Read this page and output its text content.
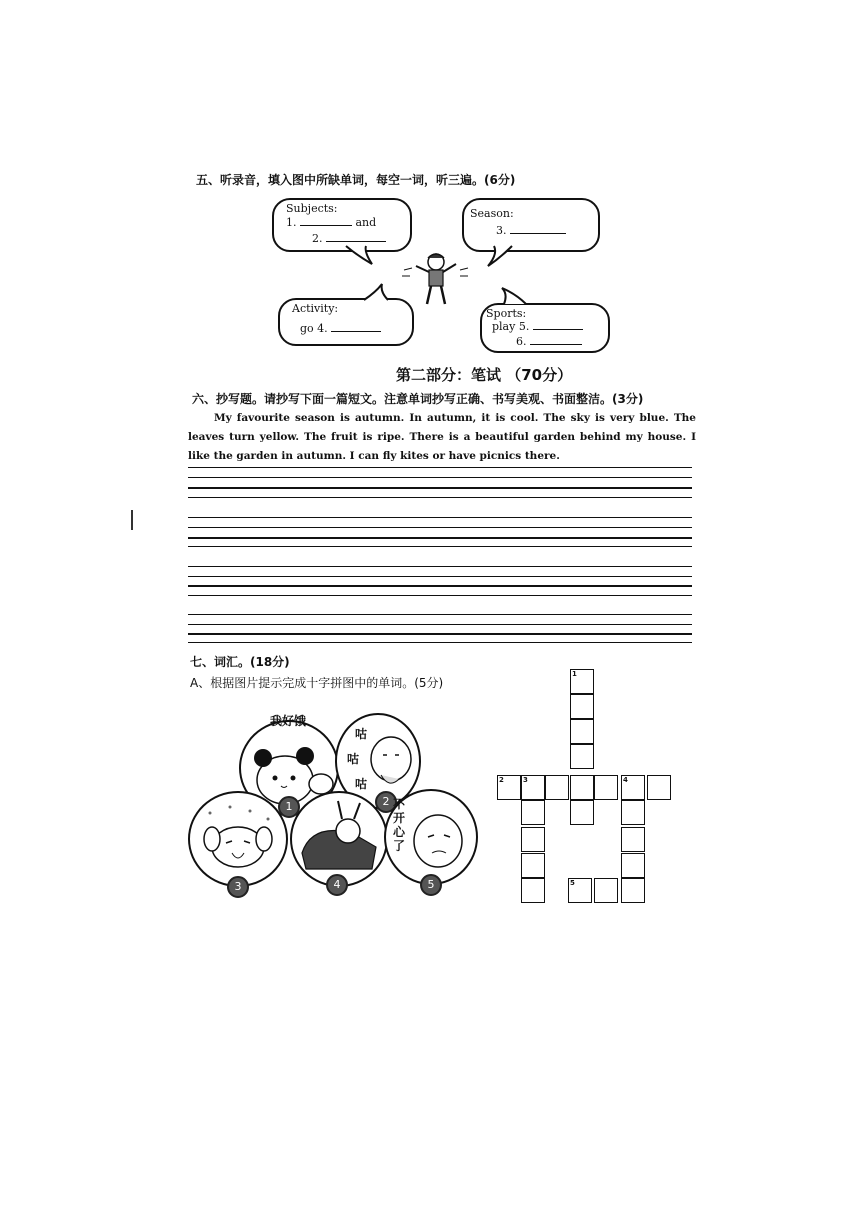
五、听录音，填入图中所缺单词，每空一词，听三遍。(6分)
Subjects:
1.	and
2.
Season:
3.
Activity:
go 4.
Sports:
play 5.
6.
第二部分：笔试 （70分）
六、抄写题。请抄写下面一篇短文。注意单词抄写正确、书写美观、书面整洁。(3分)
My favourite season is autumn. In autumn, it is cool. The sky is very blue. The leaves turn yellow. The fruit is ripe. There is a beautiful garden behind my house. I like the garden in autumn. I can fly kites or have picnics there.
七、词汇。(18分)
A、根据图片提示完成十字拼图中的单词。(5分)
我好饿
1
咕
咕
咕
2
3	4
不开心了
5
1
2	3	4
5
